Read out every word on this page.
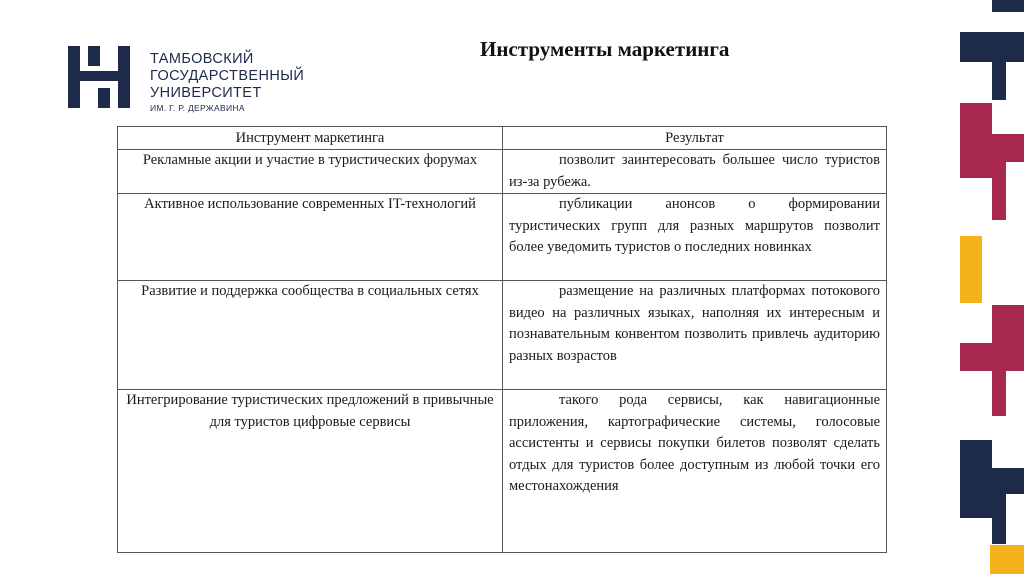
ТАМБОВСКИЙ
ГОСУДАРСТВЕННЫЙ
УНИВЕРСИТЕТ
ИМ. Г. Р. ДЕРЖАВИНА
Инструменты маркетинга
Инструмент маркетинга	Результат
Рекламные акции и участие в туристических форумах	позволит заинтересовать большее число туристов из-за рубежа.
Активное использование современных IT-технологий	публикации анонсов о формировании туристических групп для разных маршрутов позволит более уведомить туристов о последних новинках
Развитие и поддержка сообщества в социальных сетях	размещение на различных платформах потокового видео на различных языках, наполняя их интересным и познавательным конвентом позволить привлечь аудиторию разных возрастов
Интегрирование туристических предложений в привычные для туристов цифровые сервисы	такого рода сервисы, как навигационные приложения, картографические системы, голосовые ассистенты и сервисы покупки билетов позволят сделать отдых для туристов более доступным из любой точки его местонахождения
